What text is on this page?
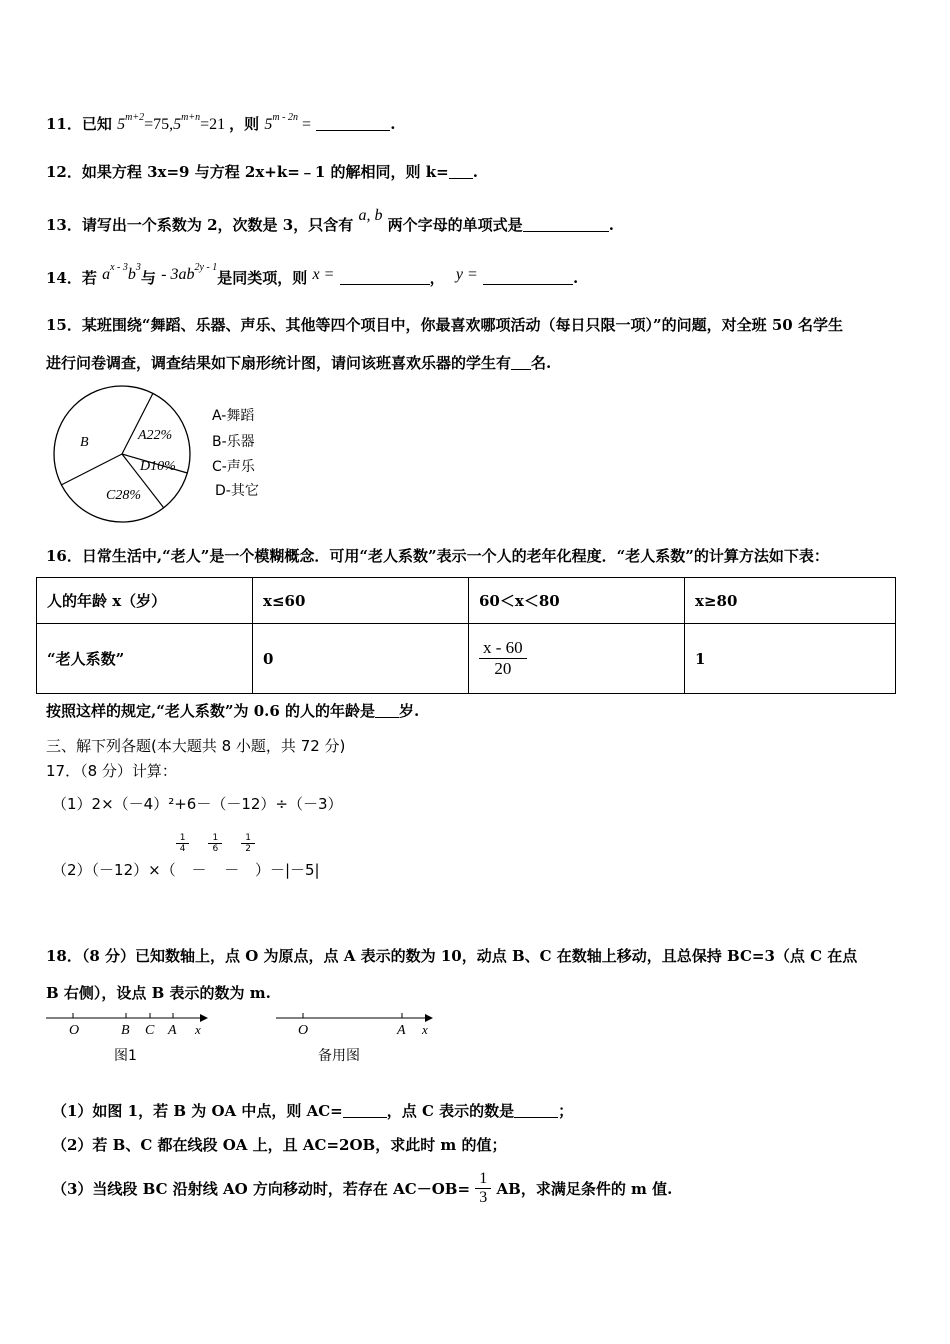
11．已知 $5^{m+2}=75,5^{m+n}=21$ ，则 $5^{m - 2n}$ =	.
12．如果方程 3x=9 与方程 2x+k=﹣1 的解相同，则 k= .
13．请写出一个系数为 2，次数是 3，只含有 a, b 两个字母的单项式是	.
14．若 $a^{x - 3}b^3$与 - $3ab^{2y - 1}$是同类项，则 x =	， y =	.
15．某班围绕“舞蹈、乐器、声乐、其他等四个项目中，你最喜欢哪项活动（每日只限一项）”的问题，对全班 50 名学生
进行问卷调查，调查结果如下扇形统计图，请问该班喜欢乐器的学生有 名.
B	A22%
D10%
C28%
A-舞蹈
B-乐器
C-声乐
D-其它
16．日常生活中,“老人”是一个模糊概念．可用“老人系数”表示一个人的老年化程度．“老人系数”的计算方法如下表：
人的年龄 x（岁）	x≤60	60＜x＜80	x≥80
“老人系数”	0	$\frac{x - 60}{20}$	1
按照这样的规定,“老人系数”为 0.6 的人的年龄是 岁.
三、解下列各题(本大题共 8 小题，共 72 分)
17．（8 分）计算：
（1）2×（－4）²+6－（－12）÷（－3）
（2）（－12）×（
$\frac{1}{4}$
－
$\frac{1}{6}$
－
$\frac{1}{2}$
）－|－5|
18．（8 分）已知数轴上，点 O 为原点，点 A 表示的数为 10，动点 B、C 在数轴上移动，且总保持 BC=3（点 C 在点
B 右侧），设点 B 表示的数为 m.
O	B C A x
图1
O	A x
备用图
（1）如图 1，若 B 为 OA 中点，则 AC=	，点 C 表示的数是	；
（2）若 B、C 都在线段 OA 上，且 AC=2OB，求此时 m 的值；
（3）当线段 BC 沿射线 AO 方向移动时，若存在 $AC-OB= \frac{1}{3}$ AB，求满足条件的 m 值.
